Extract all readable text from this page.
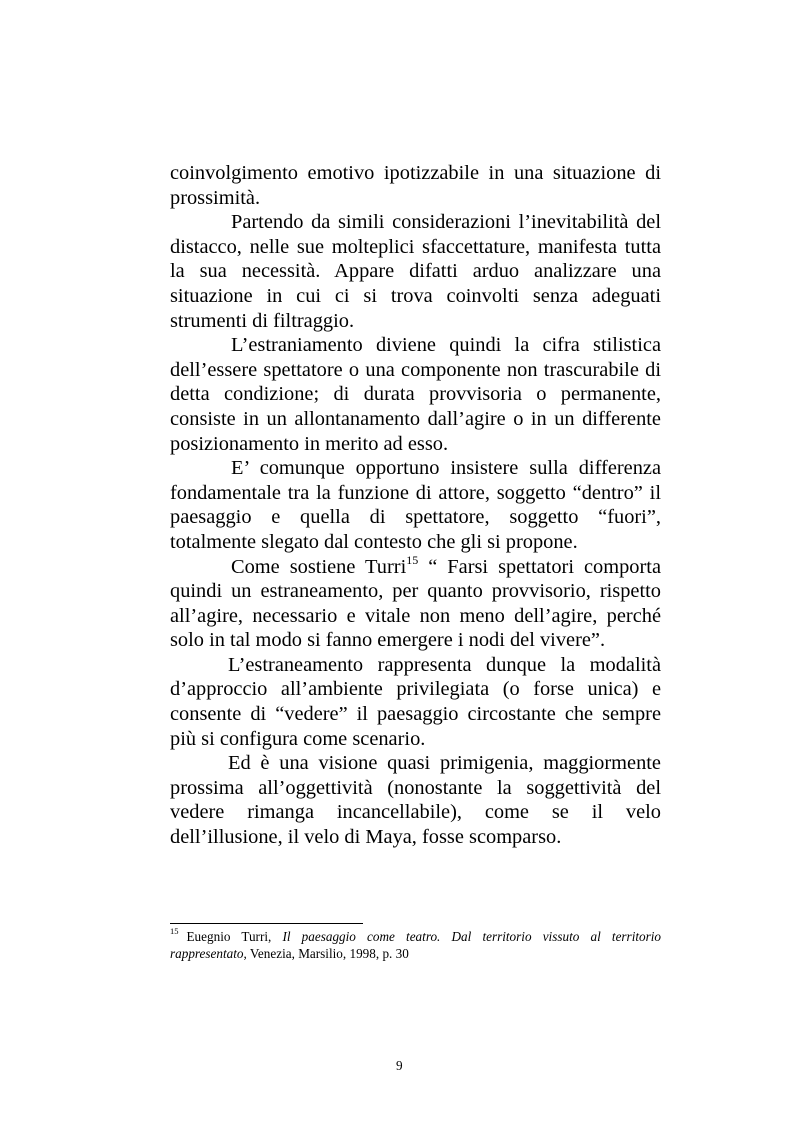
coinvolgimento emotivo ipotizzabile in una situazione di prossimità.

Partendo da simili considerazioni l’inevitabilità del distacco, nelle sue molteplici sfaccettature, manifesta tutta la sua necessità. Appare difatti arduo analizzare una situazione in cui ci si trova coinvolti senza adeguati strumenti di filtraggio.

L’estraniamento diviene quindi la cifra stilistica dell’essere spettatore o una componente non trascurabile di detta condizione; di durata provvisoria o permanente, consiste in un allontanamento dall’agire o in un differente posizionamento in merito ad esso.

E’ comunque opportuno insistere sulla differenza fondamentale tra la funzione di attore, soggetto “dentro” il paesaggio e quella di spettatore, soggetto “fuori”, totalmente slegato dal contesto che gli si propone.

Come sostiene Turri$^{15}$ “ Farsi spettatori comporta quindi un estraneamento, per quanto provvisorio, rispetto all’agire, necessario e vitale non meno dell’agire, perché solo in tal modo si fanno emergere i nodi del vivere”.

L’estraneamento rappresenta dunque la modalità d’approccio all’ambiente privilegiata (o forse unica) e consente di “vedere” il paesaggio circostante che sempre più si configura come scenario.

Ed è una visione quasi primigenia, maggiormente prossima all’oggettività (nonostante la soggettività del vedere rimanga incancellabile), come se il velo dell’illusione, il velo di Maya, fosse scomparso.

$^{15}$ Euegnio Turri, Il paesaggio come teatro. Dal territorio vissuto al territorio rappresentato, Venezia, Marsilio, 1998, p. 30
9
